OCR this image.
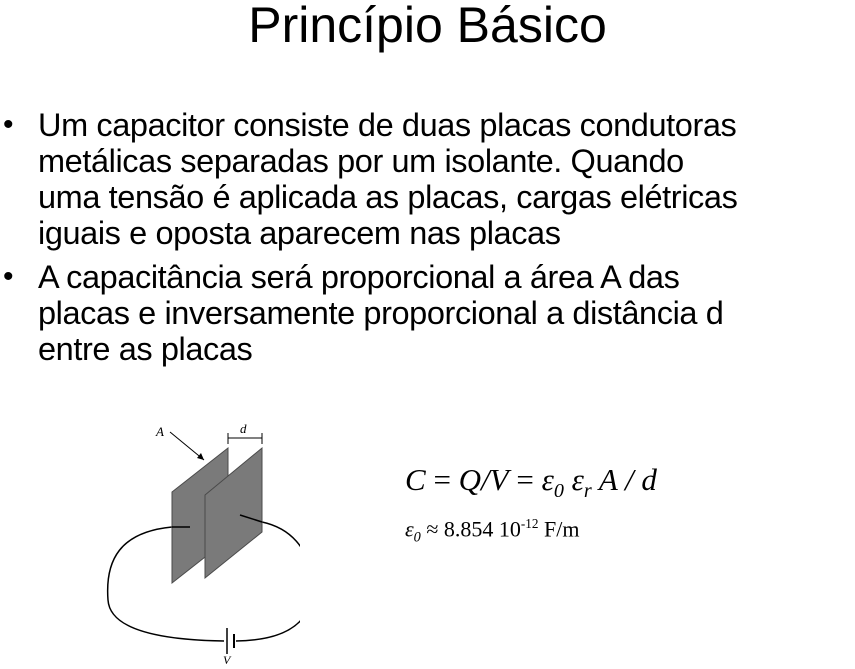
Princípio Básico
• Um capacitor consiste de duas placas condutoras
metálicas separadas por um isolante. Quando
uma tensão é aplicada as placas, cargas elétricas
iguais e oposta aparecem nas placas
• A capacitância será proporcional a área A das
placas e inversamente proporcional a distância d
entre as placas
A	d
V
$C = Q/V = \varepsilon_0$ $\varepsilon_r$ A / d
$\varepsilon_0 \approx 8.854$ $10^{-12}$ F/m
